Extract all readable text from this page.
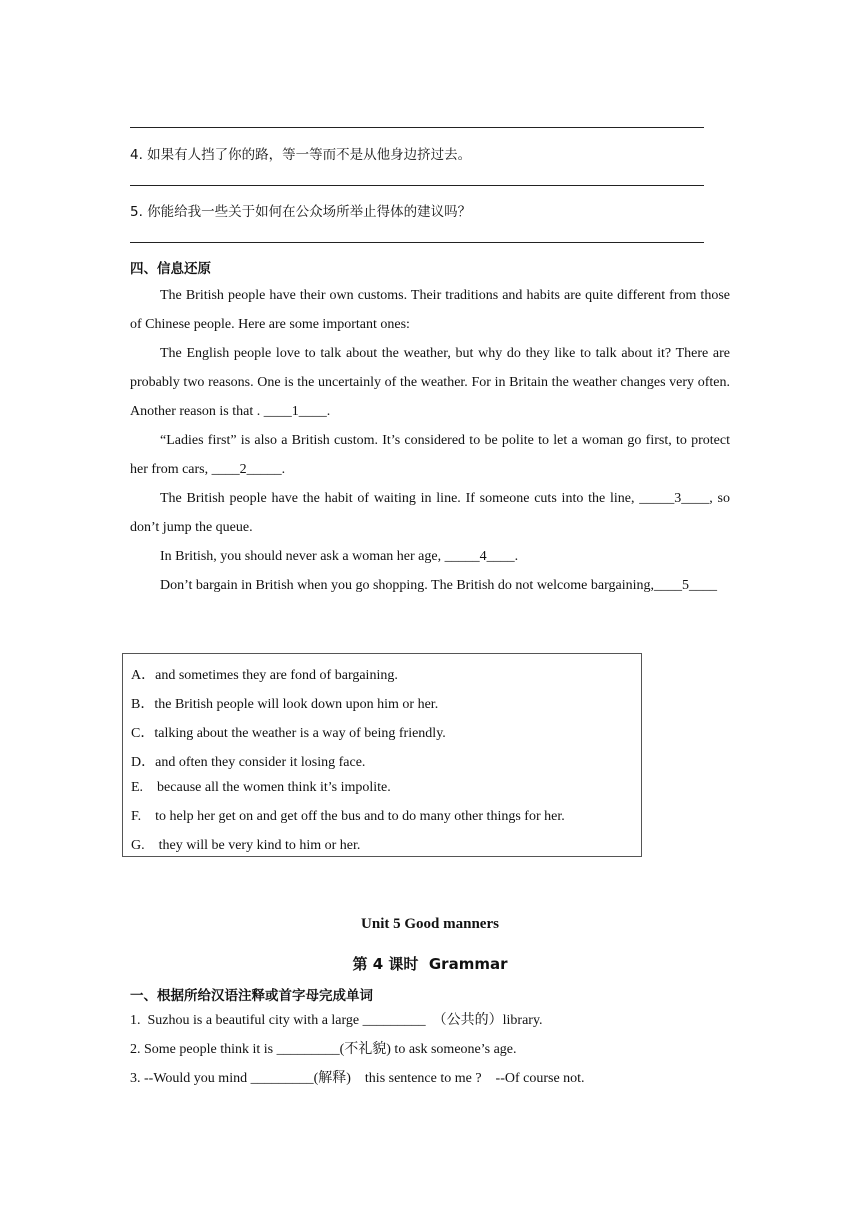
4. 如果有人挡了你的路，等一等而不是从他身边挤过去。
5. 你能给我一些关于如何在公众场所举止得体的建议吗？
四、信息还原
The British people have their own customs. Their traditions and habits are quite different from those of Chinese people. Here are some important ones:
The English people love to talk about the weather, but why do they like to talk about it? There are probably two reasons. One is the uncertainly of the weather. For in Britain the weather changes very often. Another reason is that . ____1____.
“Ladies first” is also a British custom. It’s considered to be polite to let a woman go first, to protect her from cars, ____2_____.
The British people have the habit of waiting in line. If someone cuts into the line, _____3____, so don’t jump the queue.
In British, you should never ask a woman her age, _____4____.
Don’t bargain in British when you go shopping. The British do not welcome bargaining,____5____
A．and sometimes they are fond of bargaining.
B．the British people will look down upon him or her.
C．talking about the weather is a way of being friendly.
D．and often they consider it losing face.
E.    because all the women think it’s impolite.
F.    to help her get on and get off the bus and to do many other things for her.
G.    they will be very kind to him or her.
Unit 5 Good manners
第 4 课时  Grammar
一、根据所给汉语注释或首字母完成单词
1.  Suzhou is a beautiful city with a large _________  （公共的）library.
2. Some people think it is _________(不礼貌) to ask someone’s age.
3. --Would you mind _________(解释)    this sentence to me ?    --Of course not.
